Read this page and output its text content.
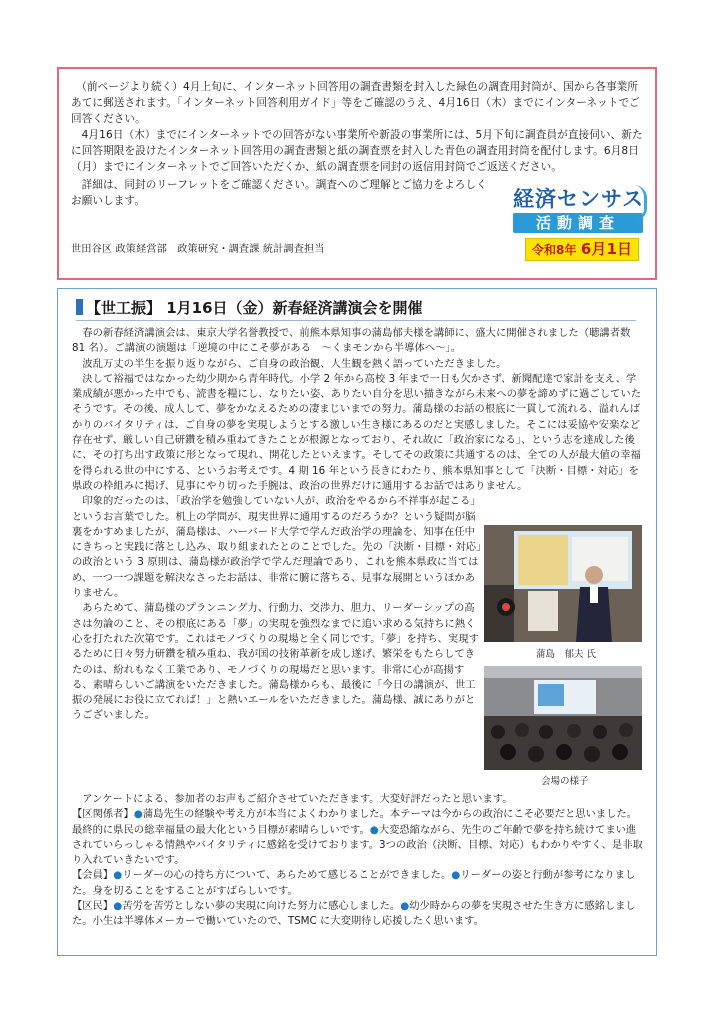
（前ページより続く）4月上旬に、インターネット回答用の調査書類を封入した緑色の調査用封筒が、国から各事業所あてに郵送されます。「インターネット回答利用ガイド」等をご確認のうえ、4月16日（木）までにインターネットでご回答ください。

4月16日（木）までにインターネットでの回答がない事業所や新設の事業所には、5月下旬に調査員が直接伺い、新たに回答期限を設けたインターネット回答用の調査書類と紙の調査票を封入した青色の調査用封筒を配付します。6月8日（月）までにインターネットでご回答いただくか、紙の調査票を同封の返信用封筒でご返送ください。

詳細は、同封のリーフレットをご確認ください。調査へのご理解とご協力をよろしくお願いします。

世田谷区 政策経営部　政策研究・調査課 統計調査担当
経済センサス
活動調査
令和8年 6月1日
【世工振】 1月16日（金）新春経済講演会を開催

春の新春経済講演会は、東京大学名誉教授で、前熊本県知事の蒲島郁夫様を講師に、盛大に開催されました（聴講者数　81 名）。ご講演の演題は「逆境の中にこそ夢がある　～くまモンから半導体へ～」。

波乱万丈の半生を振り返りながら、ご自身の政治観、人生観を熱く語っていただきました。

決して裕福ではなかった幼少期から青年時代。小学 2 年から高校 3 年まで一日も欠かさず、新聞配達で家計を支え、学業成績が悪かった中でも、読書を糧にし、なりたい姿、ありたい自分を思い描きながら未来への夢を諦めずに過ごしていたそうです。その後、成人して、夢をかなえるための凄まじいまでの努力。蒲島様のお話の根底に一貫して流れる、溢れんばかりのバイタリティは、ご自身の夢を実現しようとする激しい生き様にあるのだと実感しました。そこには妥協や安楽など存在せず、厳しい自己研鑽を積み重ねてきたことが根源となっており、それ故に「政治家になる」、という志を達成した後に、その打ち出す政策に形となって現れ、開花したといえます。そしてその政策に共通するのは、全ての人が最大値の幸福を得られる世の中にする、というお考えです。4 期 16 年という長きにわたり、熊本県知事として「決断・目標・対応」を県政の枠組みに掲げ、見事にやり切った手腕は、政治の世界だけに通用するお話ではありません。

印象的だったのは、「政治学を勉強していない人が、政治をやるから不祥事が起こる」というお言葉でした。机上の学問が、現実世界に通用するのだろうか？という疑問が脳裏をかすめましたが、蒲島様は、ハーバード大学で学んだ政治学の理論を、知事在任中にきちっと実践に落とし込み、取り組まれたとのことでした。先の「決断・目標・対応」の政治という 3 原則は、蒲島様が政治学で学んだ理論であり、これを熊本県政に当てはめ、一つ一つ課題を解決なさったお話は、非常に腑に落ちる、見事な展開というほかありません。

あらためて、蒲島様のプランニング力、行動力、交渉力、胆力、リーダーシップの高さは勿論のこと、その根底にある「夢」の実現を強烈なまでに追い求める気持ちに熱く心を打たれた次第です。これはモノづくりの現場と全く同じです。「夢」を持ち、実現するために日々努力研鑽を積み重ね、我が国の技術革新を成し遂げ、繁栄をもたらしてきたのは、紛れもなく工業であり、モノづくりの現場だと思います。非常に心が高揚する、素晴らしいご講演をいただきました。蒲島様からも、最後に「今日の講演が、世工振の発展にお役に立てれば！」と熱いエールをいただきました。蒲島様、誠にありがとうございました。

蒲島　郁夫 氏
会場の様子

アンケートによる、参加者のお声もご紹介させていただきます。大変好評だったと思います。

【区関係者】●蒲島先生の経験や考え方が本当によくわかりました。本テーマは今からの政治にこそ必要だと思いました。最終的に県民の総幸福量の最大化という目標が素晴らしいです。●大変恐縮ながら、先生のご年齢で夢を持ち続けてまい進されていらっしゃる情熱やバイタリティに感銘を受けております。3つの政治（決断、目標、対応）もわかりやすく、是非取り入れていきたいです。

【会員】●リーダーの心の持ち方について、あらためて感じることができました。●リーダーの姿と行動が参考になりました。身を切ることをすることがすばらしいです。

【区民】●苦労を苦労としない夢の実現に向けた努力に感心しました。●幼少時からの夢を実現させた生き方に感銘しました。小生は半導体メーカーで働いていたので、TSMC に大変期待し応援したく思います。
